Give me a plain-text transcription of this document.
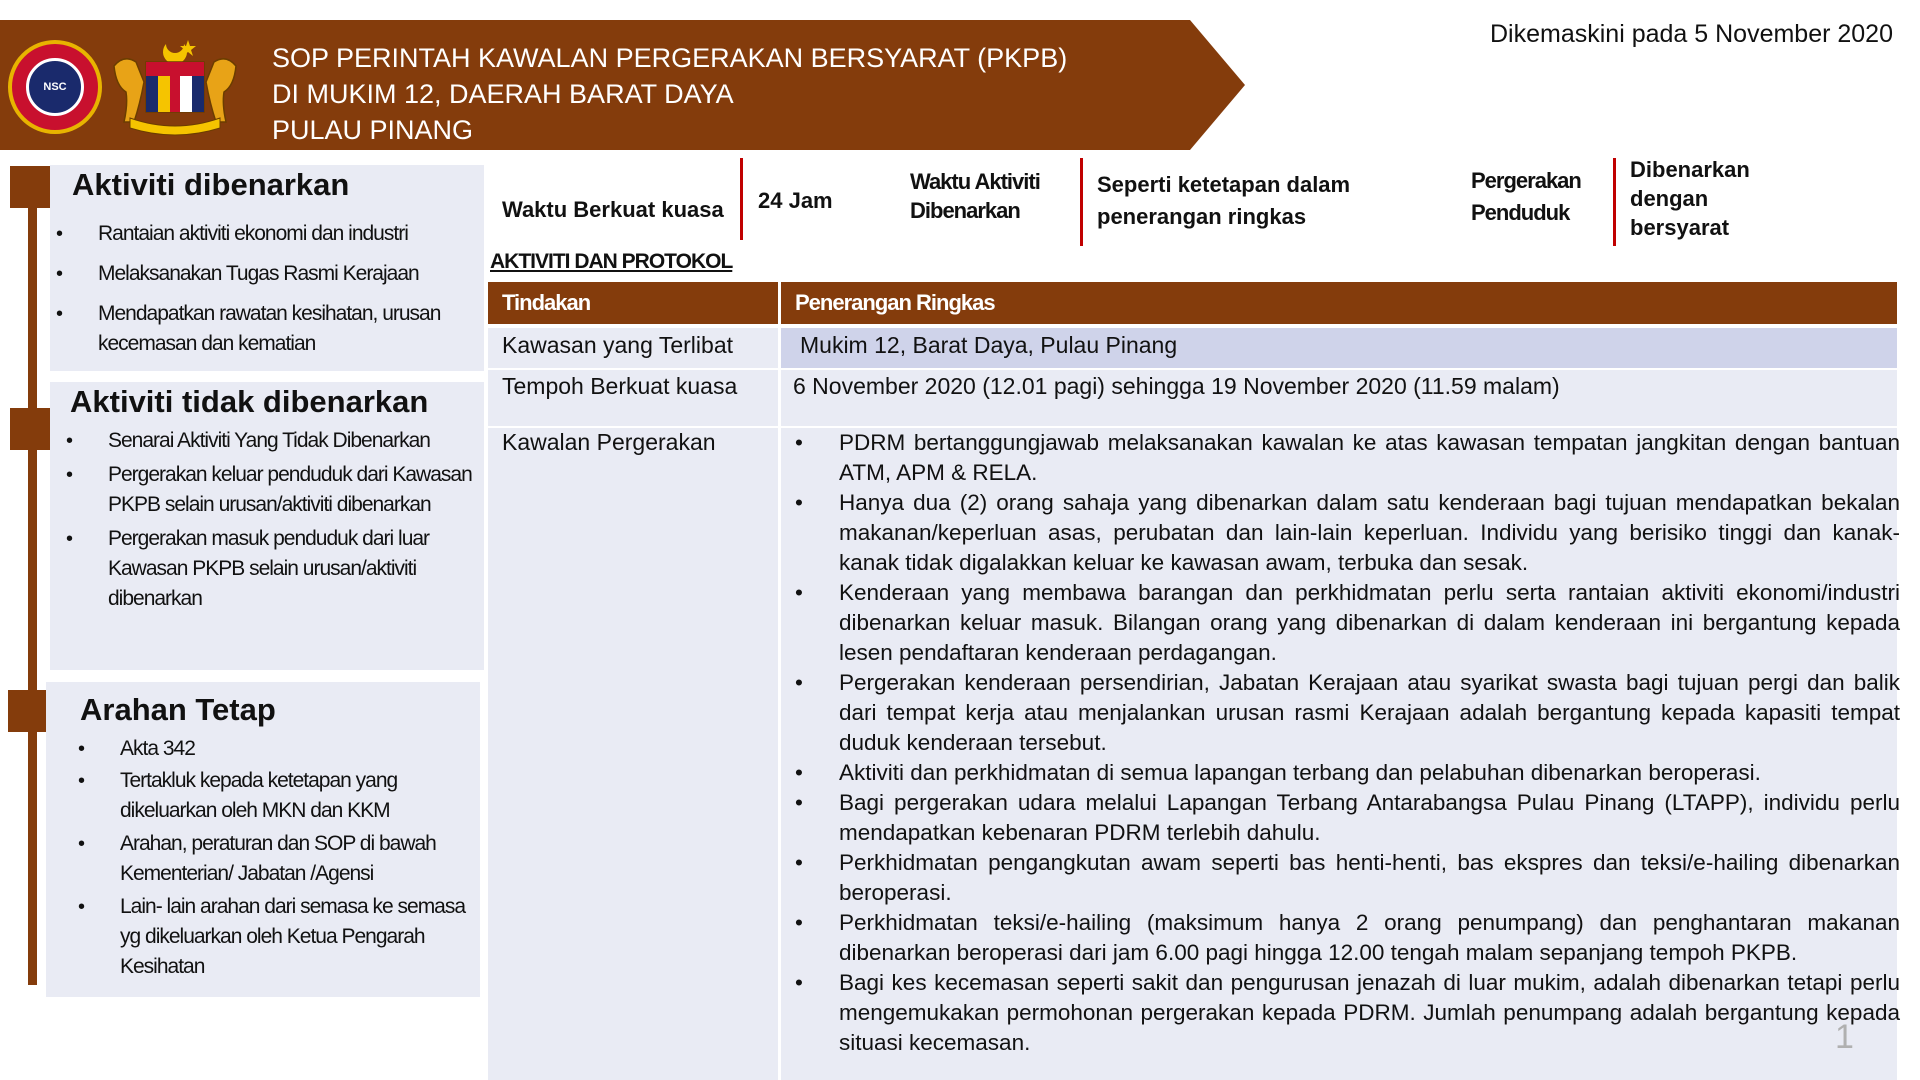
NSC
SOP PERINTAH KAWALAN PERGERAKAN BERSYARAT (PKPB)
DI MUKIM 12, DAERAH BARAT DAYA
PULAU PINANG
Dikemaskini pada 5 November 2020
Aktiviti dibenarkan
• Rantaian aktiviti ekonomi dan industri
• Melaksanakan Tugas Rasmi Kerajaan
• Mendapatkan rawatan kesihatan, urusan kecemasan dan kematian
Aktiviti tidak dibenarkan
• Senarai Aktiviti Yang Tidak Dibenarkan
• Pergerakan keluar penduduk dari Kawasan PKPB selain urusan/aktiviti dibenarkan
• Pergerakan masuk penduduk dari luar Kawasan PKPB selain urusan/aktiviti dibenarkan
Arahan Tetap
• Akta 342
• Tertakluk kepada ketetapan yang dikeluarkan oleh MKN dan KKM
• Arahan, peraturan dan SOP di bawah Kementerian/ Jabatan /Agensi
• Lain- lain arahan dari semasa ke semasa yg dikeluarkan oleh Ketua Pengarah Kesihatan
Waktu Berkuat kuasa 24 Jam
Waktu Aktiviti Dibenarkan
Seperti ketetapan dalam penerangan ringkas
Pergerakan Penduduk
Dibenarkan dengan bersyarat
AKTIVITI DAN PROTOKOL
Tindakan	Penerangan Ringkas
Kawasan yang Terlibat	Mukim 12, Barat Daya, Pulau Pinang
Tempoh Berkuat kuasa 6 November 2020 (12.01 pagi) sehingga 19 November 2020 (11.59 malam)
Kawalan Pergerakan
•	PDRM bertanggungjawab melaksanakan kawalan ke atas kawasan tempatan jangkitan dengan bantuan ATM, APM & RELA.
• Hanya dua (2) orang sahaja yang dibenarkan dalam satu kenderaan bagi tujuan mendapatkan bekalan makanan/keperluan asas, perubatan dan lain-lain keperluan. Individu yang berisiko tinggi dan kanak-kanak tidak digalakkan keluar ke kawasan awam, terbuka dan sesak.
• Kenderaan yang membawa barangan dan perkhidmatan perlu serta rantaian aktiviti ekonomi/industri dibenarkan keluar masuk. Bilangan orang yang dibenarkan di dalam kenderaan ini bergantung kepada lesen pendaftaran kenderaan perdagangan.
• Pergerakan kenderaan persendirian, Jabatan Kerajaan atau syarikat swasta bagi tujuan pergi dan balik dari tempat kerja atau menjalankan urusan rasmi Kerajaan adalah bergantung kepada kapasiti tempat duduk kenderaan tersebut.
• Aktiviti dan perkhidmatan di semua lapangan terbang dan pelabuhan dibenarkan beroperasi.
• Bagi pergerakan udara melalui Lapangan Terbang Antarabangsa Pulau Pinang (LTAPP), individu perlu mendapatkan kebenaran PDRM terlebih dahulu.
• Perkhidmatan pengangkutan awam seperti bas henti-henti, bas ekspres dan teksi/e-hailing dibenarkan beroperasi.
• Perkhidmatan teksi/e-hailing (maksimum hanya 2 orang penumpang) dan penghantaran makanan dibenarkan beroperasi dari jam 6.00 pagi hingga 12.00 tengah malam sepanjang tempoh PKPB.
• Bagi kes kecemasan seperti sakit dan pengurusan jenazah di luar mukim, adalah dibenarkan tetapi perlu mengemukakan permohonan pergerakan kepada PDRM. Jumlah penumpang adalah bergantung kepada situasi kecemasan.	1
